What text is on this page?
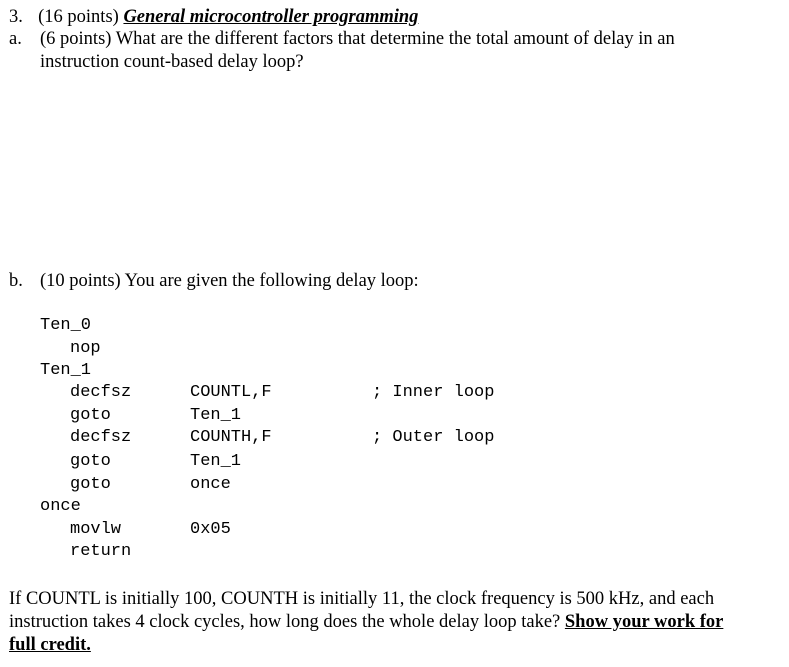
3. (16 points) General microcontroller programming
a. (6 points) What are the different factors that determine the total amount of delay in an
instruction count-based delay loop?
b. (10 points) You are given the following delay loop:
Ten_0
nop
Ten_1
decfsz	COUNTL,F	; Inner loop
goto	Ten_1
decfsz	COUNTH,F	; Outer loop
goto	Ten_1
goto	once
once
movlw	0x05
return
If COUNTL is initially 100, COUNTH is initially 11, the clock frequency is 500 kHz, and each
instruction takes 4 clock cycles, how long does the whole delay loop take? Show your work for
full credit.
